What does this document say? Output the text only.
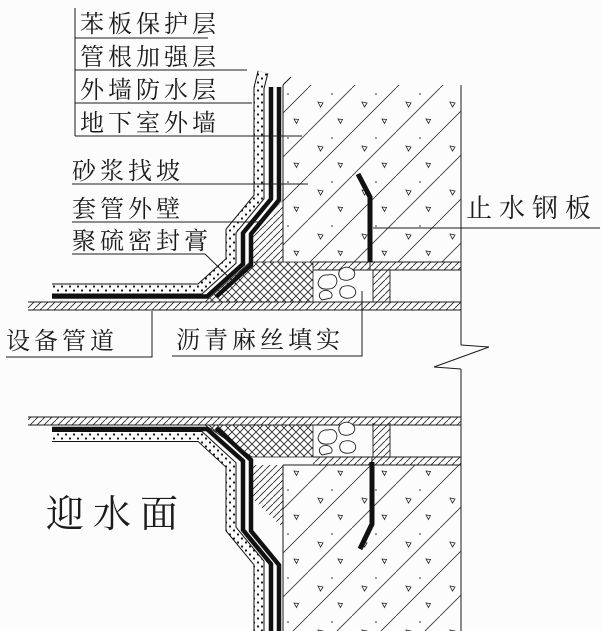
苯板保护层
管根加强层
外墙防水层
地下室外墙
砂浆找坡
套管外壁
聚硫密封膏
止水钢板
设备管道 沥青麻丝填实
迎水面
